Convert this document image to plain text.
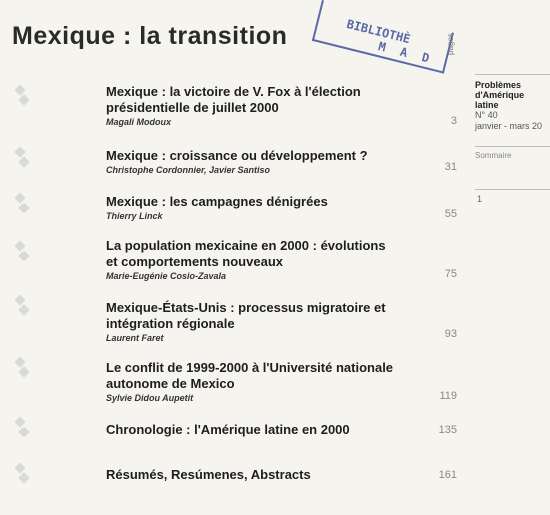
Mexique : la transition	BIBLIOTHÈ
M A D pages
Problèmes d'Amérique latine
N° 40
janvier - mars 20
Sommaire
1
Mexique : la victoire de V. Fox à l'élection présidentielle de juillet 2000
Magali Modoux	3
Mexique : croissance ou développement ?
Christophe Cordonnier, Javier Santiso	31
Mexique : les campagnes dénigrées
Thierry Linck	55
La population mexicaine en 2000 : évolutions et comportements nouveaux
Marie-Eugénie Cosio-Zavala	75
Mexique-États-Unis : processus migratoire et intégration régionale
Laurent Faret	93
Le conflit de 1999-2000 à l'Université nationale autonome de Mexico
Sylvie Didou Aupetit	119
Chronologie : l'Amérique latine en 2000	135
Résumés, Resúmenes, Abstracts	161
